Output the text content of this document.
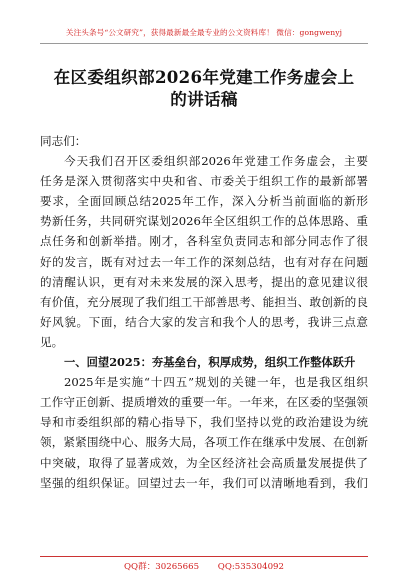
关注头条号“公文研究”，获得最新最全最专业的公文资料库！ 微信：gongwenyj
在区委组织部2026年党建工作务虚会上
的讲话稿
同志们：
今天我们召开区委组织部2026年党建工作务虚会，主要
任务是深入贯彻落实中央和省、市委关于组织工作的最新部署
要求，全面回顾总结2025年工作，深入分析当前面临的新形
势新任务，共同研究谋划2026年全区组织工作的总体思路、重
点任务和创新举措。刚才，各科室负责同志和部分同志作了很
好的发言，既有对过去一年工作的深刻总结，也有对存在问题
的清醒认识，更有对未来发展的深入思考，提出的意见建议很
有价值，充分展现了我们组工干部善思考、能担当、敢创新的良
好风貌。下面，结合大家的发言和我个人的思考，我讲三点意
见。
一、回望2025：夯基垒台，积厚成势，组织工作整体跃升
2025年是实施“十四五”规划的关键一年，也是我区组织
工作守正创新、提质增效的重要一年。一年来，在区委的坚强领
导和市委组织部的精心指导下，我们坚持以党的政治建设为统
领，紧紧围绕中心、服务大局，各项工作在继承中发展、在创新
中突破，取得了显著成效，为全区经济社会高质量发展提供了
坚强的组织保证。回望过去一年，我们可以清晰地看到，我们
QQ群：30265665 QQ:535304092
